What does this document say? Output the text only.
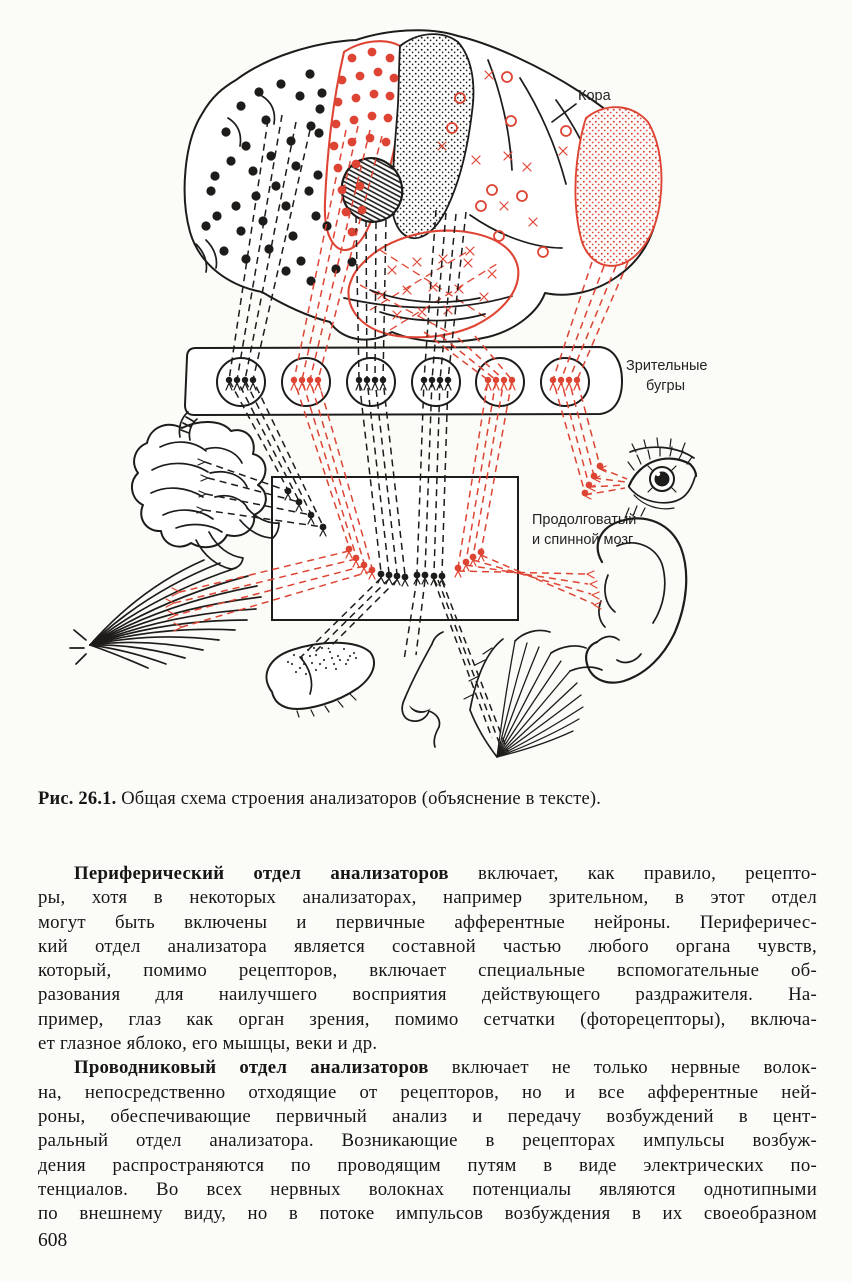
Кора
Зрительные
бугры
Продолговатый
и спинной мозг
Рис. 26.1. Общая схема строения анализаторов (объяснение в тексте).
Периферический отдел анализаторов включает, как правило, рецепто-
ры, хотя в некоторых анализаторах, например зрительном, в этот отдел
могут быть включены и первичные афферентные нейроны. Периферичес-
кий отдел анализатора является составной частью любого органа чувств,
который, помимо рецепторов, включает специальные вспомогательные об-
разования для наилучшего восприятия действующего раздражителя. На-
пример, глаз как орган зрения, помимо сетчатки (фоторецепторы), включа-
ет глазное яблоко, его мышцы, веки и др.
Проводниковый отдел анализаторов включает не только нервные волок-
на, непосредственно отходящие от рецепторов, но и все афферентные ней-
роны, обеспечивающие первичный анализ и передачу возбуждений в цент-
ральный отдел анализатора. Возникающие в рецепторах импульсы возбуж-
дения распространяются по проводящим путям в виде электрических по-
тенциалов. Во всех нервных волокнах потенциалы являются однотипными
по внешнему виду, но в потоке импульсов возбуждения в их своеобразном
608
